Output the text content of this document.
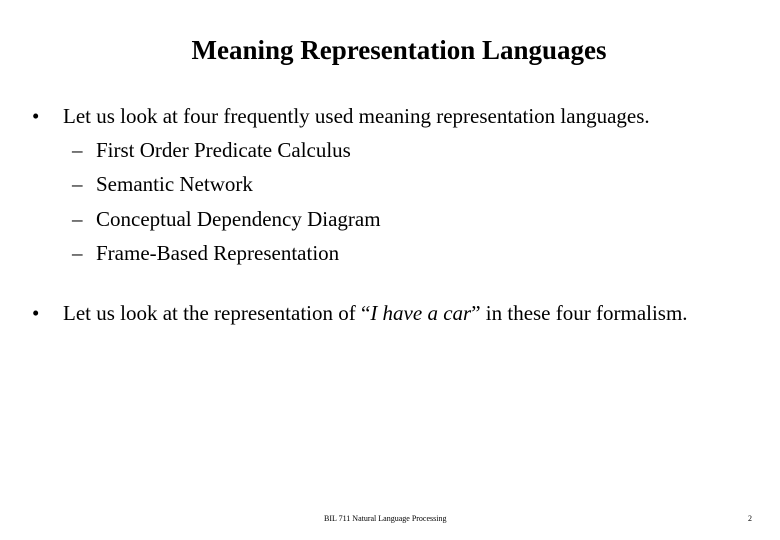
Meaning Representation Languages
• Let us look at four frequently used meaning representation languages.
– First Order Predicate Calculus
– Semantic Network
– Conceptual Dependency Diagram
– Frame-Based Representation
• Let us look at the representation of “I have a car” in these four formalism.
BIL 711 Natural Language Processing	2
